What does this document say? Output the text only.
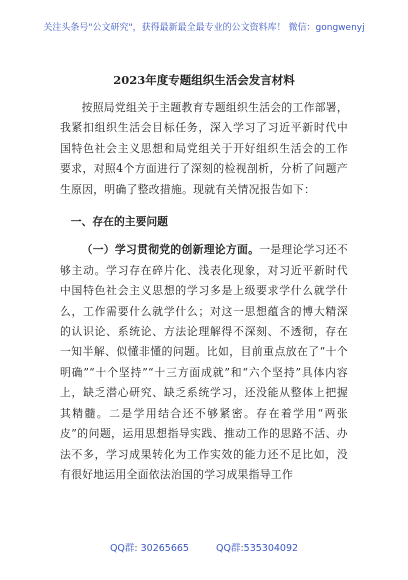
关注头条号"公文研究"，获得最新最全最专业的公文资料库！ 微信：gongwenyj
2023年度专题组织生活会发言材料

按照局党组关于主题教育专题组织生活会的工作部署，我紧扣组织生活会目标任务，深入学习了习近平新时代中国特色社会主义思想和局党组关于开好组织生活会的工作要求，对照4个方面进行了深刻的检视剖析，分析了问题产生原因，明确了整改措施。现就有关情况报告如下：

一、存在的主要问题

（一）学习贯彻党的创新理论方面。一是理论学习还不够主动。学习存在碎片化、浅表化现象，对习近平新时代中国特色社会主义思想的学习多是上级要求学什么就学什么，工作需要什么就学什么；对这一思想蕴含的博大精深的认识论、系统论、方法论理解得不深刻、不透彻，存在一知半解、似懂非懂的问题。比如，目前重点放在了“十个明确”“十个坚持”“十三方面成就”和“六个坚持”具体内容上，缺乏潜心研究、缺乏系统学习，还没能从整体上把握其精髓。二是学用结合还不够紧密。存在着学用“两张皮”的问题，运用思想指导实践、推动工作的思路不活、办法不多，学习成果转化为工作实效的能力还不足比如，没有很好地运用全面依法治国的学习成果指导工作

QQ群: 30265665	QQ群:535304092
